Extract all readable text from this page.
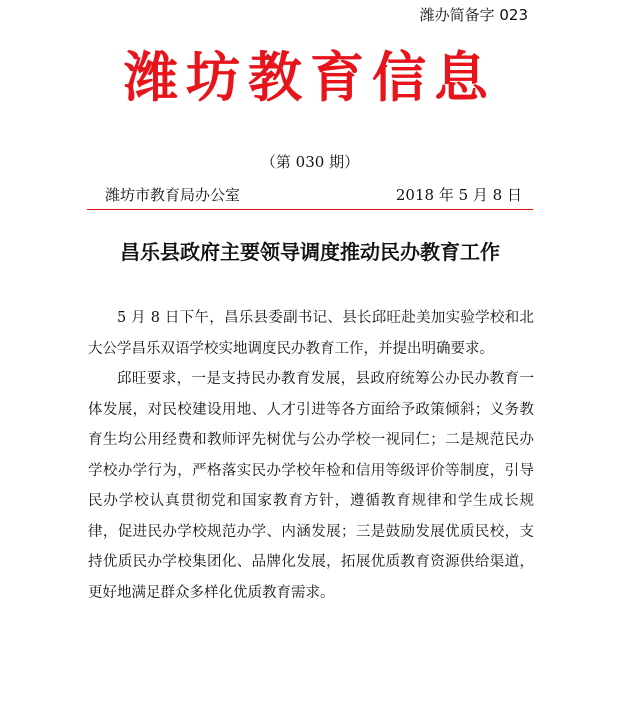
潍办简备字 023
潍坊教育信息
（第 030 期）
潍坊市教育局办公室	2018 年 5 月 8 日
昌乐县政府主要领导调度推动民办教育工作

5 月 8 日下午，昌乐县委副书记、县长邱旺赴美加实验学校和北大公学昌乐双语学校实地调度民办教育工作，并提出明确要求。

邱旺要求，一是支持民办教育发展，县政府统筹公办民办教育一体发展，对民校建设用地、人才引进等各方面给予政策倾斜；义务教育生均公用经费和教师评先树优与公办学校一视同仁；二是规范民办学校办学行为，严格落实民办学校年检和信用等级评价等制度，引导民办学校认真贯彻党和国家教育方针，遵循教育规律和学生成长规律，促进民办学校规范办学、内涵发展；三是鼓励发展优质民校，支持优质民办学校集团化、品牌化发展，拓展优质教育资源供给渠道，更好地满足群众多样化优质教育需求。
